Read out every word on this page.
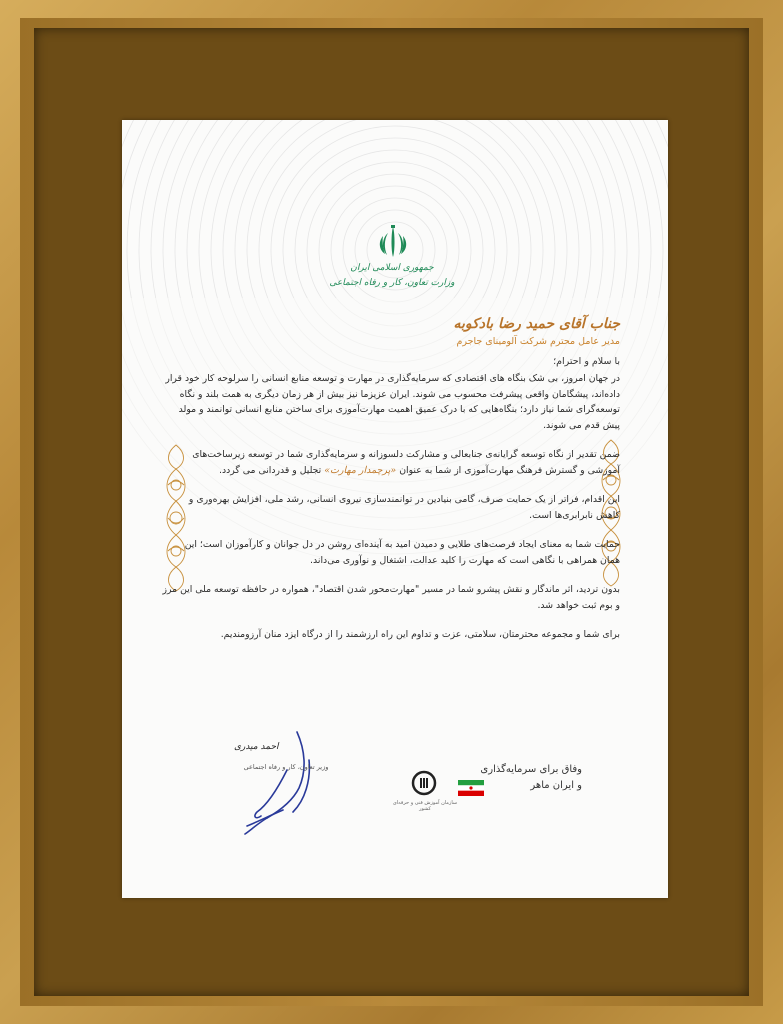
جمهوری اسلامی ایران
وزارت تعاون، کار و رفاه اجتماعی

جناب آقای حمید رضا بادکوبه

مدیر عامل محترم شرکت آلومینای جاجرم

با سلام و احترام؛

در جهان امروز، بی شک بنگاه های اقتصادی که سرمایه‌گذاری در مهارت و توسعه منابع انسانی را سرلوحه کار خود قرار داده‌اند، پیشگامان واقعی پیشرفت محسوب می شوند. ایران عزیزما نیز بیش از هر زمان دیگری به همت بلند و نگاه توسعه‌گرای شما نیاز دارد؛ بنگاه‌هایی که با درک عمیق اهمیت مهارت‌آموزی برای ساختن منابع انسانی توانمند و مولد پیش قدم می شوند.

ضمن تقدیر از نگاه توسعه گرایانه‌ی جنابعالی و مشارکت دلسوزانه و سرمایه‌گذاری شما در توسعه زیرساخت‌های آموزشی و گسترش فرهنگ مهارت‌آموزی از شما به عنوان «پرچمدار مهارت» تجلیل و قدردانی می گردد.

این اقدام، فراتر از یک حمایت صرف، گامی بنیادین در توانمندسازی نیروی انسانی، رشد ملی، افزایش بهره‌وری و کاهش نابرابری‌ها است.

حمایت شما به معنای ایجاد فرصت‌های طلایی و دمیدن امید به آینده‌ای روشن در دل جوانان و کارآموزان است؛ این همان همراهی با نگاهی است که مهارت را کلید عدالت، اشتغال و نوآوری می‌داند.

بدون تردید، اثر ماندگار و نقش پیشرو شما در مسیر "مهارت‌محور شدن اقتصاد"، همواره در حافظه توسعه ملی این مرز و بوم ثبت خواهد شد.

برای شما و مجموعه محترمتان، سلامتی، عزت و تداوم این راه ارزشمند را از درگاه ایزد منان آرزومندیم.

احمد میدری
وزیر تعاون، کار و رفاه اجتماعی
سازمان آموزش فنی و حرفه‌ای کشور
وفاق برای سرمایه‌گذاری
و ایران ماهر
